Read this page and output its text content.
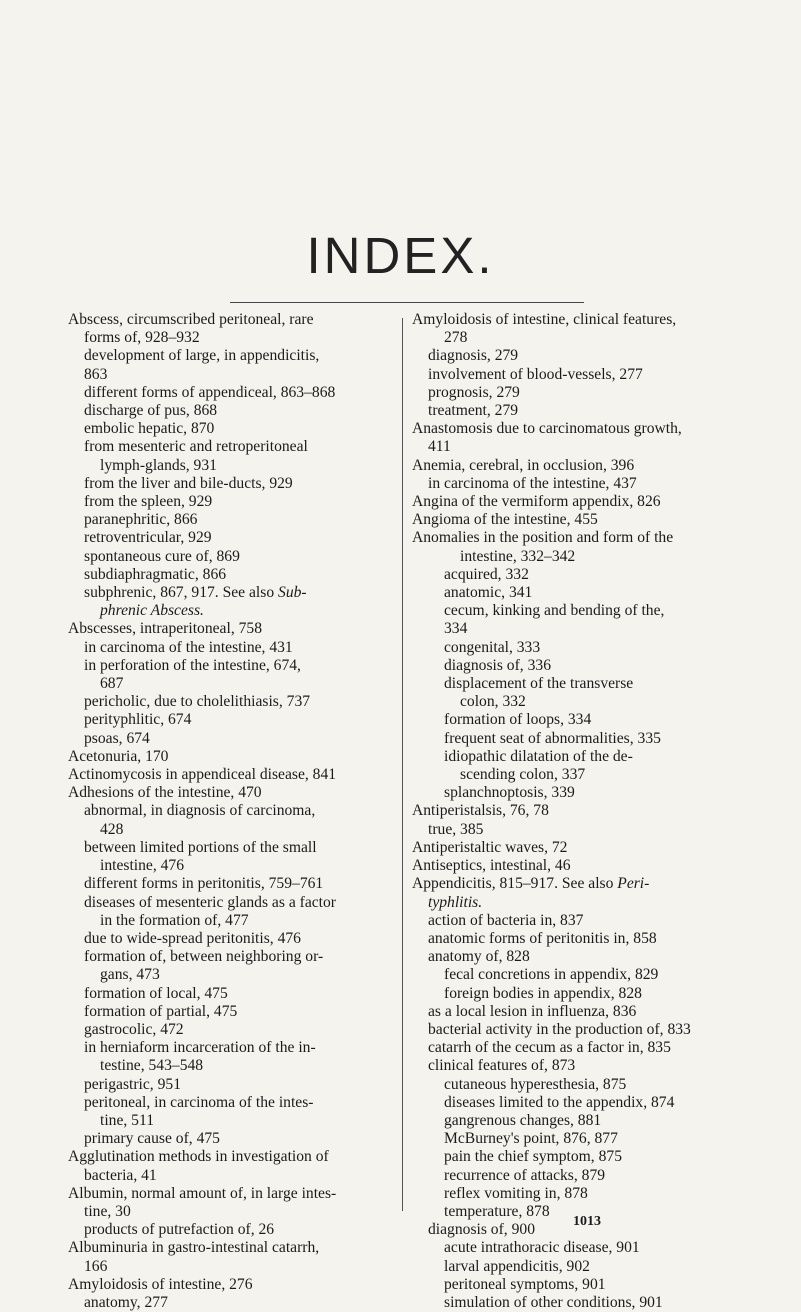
INDEX.
Abscess, circumscribed peritoneal, rare
forms of, 928–932
development of large, in appendicitis,
863
different forms of appendiceal, 863–868
discharge of pus, 868
embolic hepatic, 870
from mesenteric and retroperitoneal
lymph-glands, 931
from the liver and bile-ducts, 929
from the spleen, 929
paranephritic, 866
retroventricular, 929
spontaneous cure of, 869
subdiaphragmatic, 866
subphrenic, 867, 917. See also Sub-
phrenic Abscess.
Abscesses, intraperitoneal, 758
in carcinoma of the intestine, 431
in perforation of the intestine, 674,
687
pericholic, due to cholelithiasis, 737
perityphlitic, 674
psoas, 674
Acetonuria, 170
Actinomycosis in appendiceal disease, 841
Adhesions of the intestine, 470
abnormal, in diagnosis of carcinoma,
428
between limited portions of the small
intestine, 476
different forms in peritonitis, 759–761
diseases of mesenteric glands as a factor
in the formation of, 477
due to wide-spread peritonitis, 476
formation of, between neighboring or-
gans, 473
formation of local, 475
formation of partial, 475
gastrocolic, 472
in herniaform incarceration of the in-
testine, 543–548
perigastric, 951
peritoneal, in carcinoma of the intes-
tine, 511
primary cause of, 475
Agglutination methods in investigation of
bacteria, 41
Albumin, normal amount of, in large intes-
tine, 30
products of putrefaction of, 26
Albuminuria in gastro-intestinal catarrh,
166
Amyloidosis of intestine, 276
anatomy, 277
Amyloidosis of intestine, clinical features,
278
diagnosis, 279
involvement of blood-vessels, 277
prognosis, 279
treatment, 279
Anastomosis due to carcinomatous growth,
411
Anemia, cerebral, in occlusion, 396
in carcinoma of the intestine, 437
Angina of the vermiform appendix, 826
Angioma of the intestine, 455
Anomalies in the position and form of the
intestine, 332–342
acquired, 332
anatomic, 341
cecum, kinking and bending of the,
334
congenital, 333
diagnosis of, 336
displacement of the transverse
colon, 332
formation of loops, 334
frequent seat of abnormalities, 335
idiopathic dilatation of the de-
scending colon, 337
splanchnoptosis, 339
Antiperistalsis, 76, 78
true, 385
Antiperistaltic waves, 72
Antiseptics, intestinal, 46
Appendicitis, 815–917. See also Peri-
typhlitis.
action of bacteria in, 837
anatomic forms of peritonitis in, 858
anatomy of, 828
fecal concretions in appendix, 829
foreign bodies in appendix, 828
as a local lesion in influenza, 836
bacterial activity in the production of, 833
catarrh of the cecum as a factor in, 835
clinical features of, 873
cutaneous hyperesthesia, 875
diseases limited to the appendix, 874
gangrenous changes, 881
McBurney's point, 876, 877
pain the chief symptom, 875
recurrence of attacks, 879
reflex vomiting in, 878
temperature, 878
diagnosis of, 900
acute intrathoracic disease, 901
larval appendicitis, 902
peritoneal symptoms, 901
simulation of other conditions, 901
1013
